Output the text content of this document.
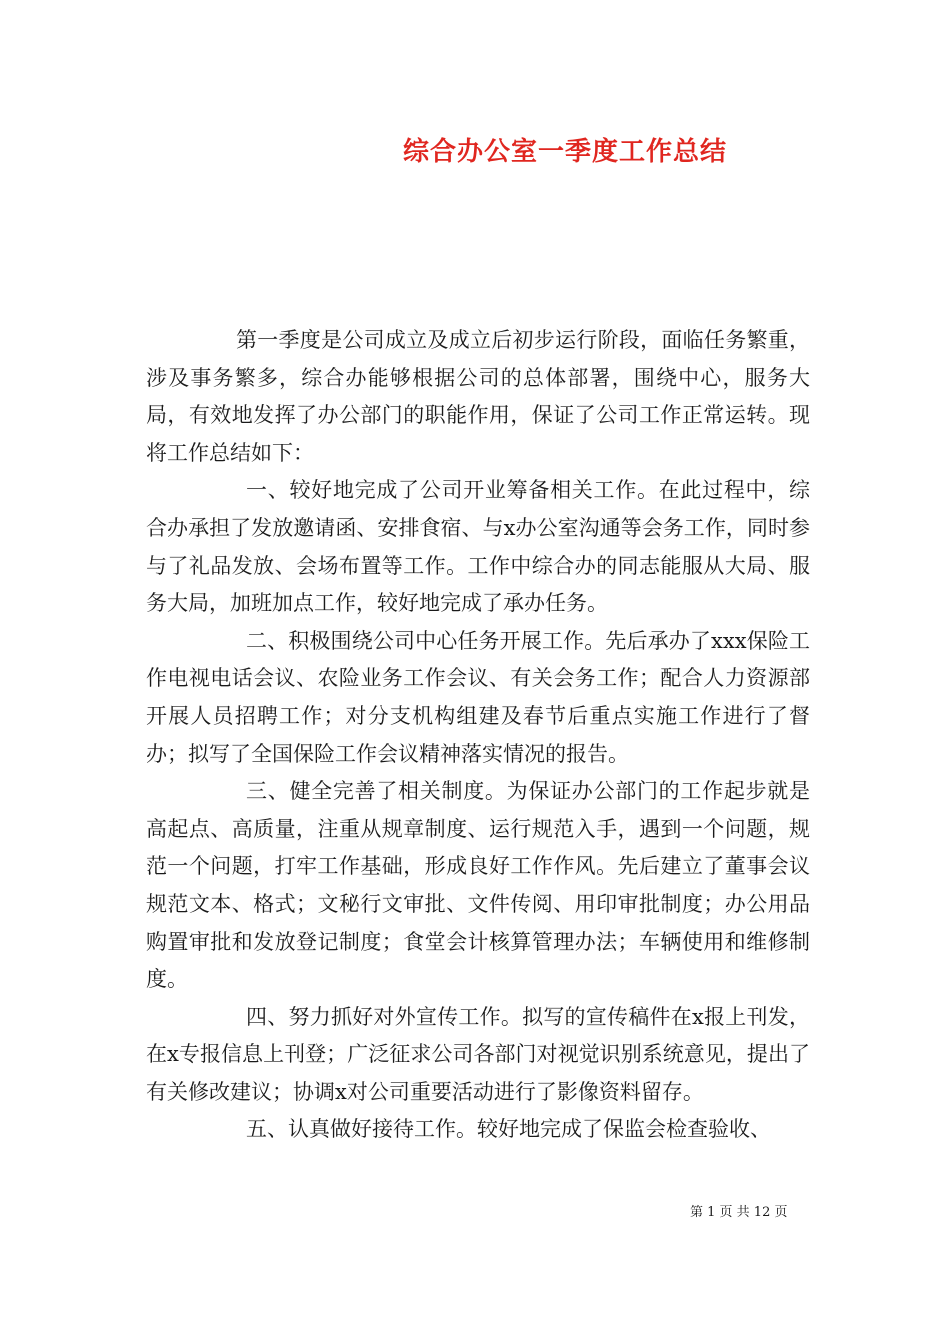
综合办公室一季度工作总结

第一季度是公司成立及成立后初步运行阶段，面临任务繁重，涉及事务繁多，综合办能够根据公司的总体部署，围绕中心，服务大局，有效地发挥了办公部门的职能作用，保证了公司工作正常运转。现将工作总结如下：

一、较好地完成了公司开业筹备相关工作。在此过程中，综合办承担了发放邀请函、安排食宿、与x办公室沟通等会务工作，同时参与了礼品发放、会场布置等工作。工作中综合办的同志能服从大局、服务大局，加班加点工作，较好地完成了承办任务。

二、积极围绕公司中心任务开展工作。先后承办了xxx保险工作电视电话会议、农险业务工作会议、有关会务工作；配合人力资源部开展人员招聘工作；对分支机构组建及春节后重点实施工作进行了督办；拟写了全国保险工作会议精神落实情况的报告。

三、健全完善了相关制度。为保证办公部门的工作起步就是高起点、高质量，注重从规章制度、运行规范入手，遇到一个问题，规范一个问题，打牢工作基础，形成良好工作作风。先后建立了董事会议规范文本、格式；文秘行文审批、文件传阅、用印审批制度；办公用品购置审批和发放登记制度；食堂会计核算管理办法；车辆使用和维修制度。

四、努力抓好对外宣传工作。拟写的宣传稿件在x报上刊发，在x专报信息上刊登；广泛征求公司各部门对视觉识别系统意见，提出了有关修改建议；协调x对公司重要活动进行了影像资料留存。

五、认真做好接待工作。较好地完成了保监会检查验收、

第 1 页 共 12 页
